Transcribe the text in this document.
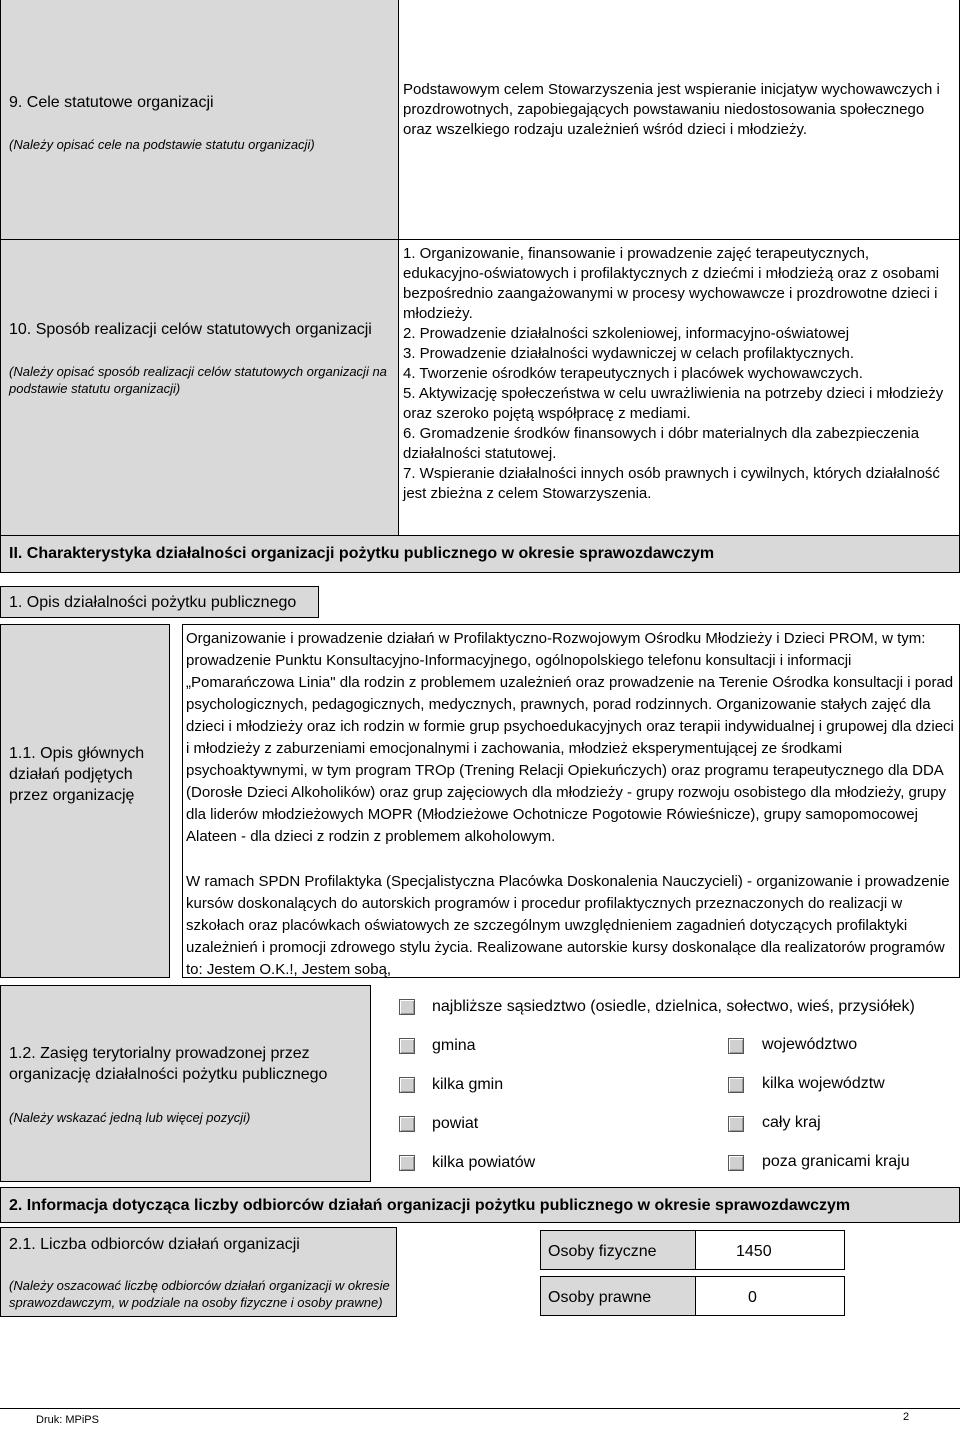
9. Cele statutowe organizacji
(Należy opisać cele na podstawie statutu organizacji)
Podstawowym celem Stowarzyszenia jest wspieranie inicjatyw wychowawczych i prozdrowotnych, zapobiegających powstawaniu niedostosowania społecznego oraz wszelkiego rodzaju uzależnień wśród dzieci i młodzieży.
10. Sposób realizacji celów statutowych organizacji
(Należy opisać sposób realizacji celów statutowych organizacji na podstawie statutu organizacji)
1. Organizowanie, finansowanie i prowadzenie zajęć terapeutycznych, edukacyjno-oświatowych i profilaktycznych z dziećmi i młodzieżą oraz z osobami bezpośrednio zaangażowanymi w procesy wychowawcze i prozdrowotne dzieci i młodzieży.
2. Prowadzenie działalności szkoleniowej, informacyjno-oświatowej
3. Prowadzenie działalności wydawniczej w celach profilaktycznych.
4. Tworzenie ośrodków terapeutycznych i placówek wychowawczych.
5. Aktywizację społeczeństwa w celu uwrażliwienia na potrzeby dzieci i młodzieży oraz szeroko pojętą współpracę z mediami.
6. Gromadzenie środków finansowych i dóbr materialnych dla zabezpieczenia działalności statutowej.
7. Wspieranie działalności innych osób prawnych i cywilnych, których działalność jest zbieżna z celem Stowarzyszenia.
II. Charakterystyka działalności organizacji pożytku publicznego w okresie sprawozdawczym
1. Opis działalności pożytku publicznego
1.1. Opis głównych działań podjętych przez organizację
Organizowanie i prowadzenie działań w Profilaktyczno-Rozwojowym Ośrodku Młodzieży i Dzieci PROM, w tym: prowadzenie Punktu Konsultacyjno-Informacyjnego, ogólnopolskiego telefonu konsultacji i informacji „Pomarańczowa Linia" dla rodzin z problemem uzależnień oraz prowadzenie na Terenie Ośrodka konsultacji i porad psychologicznych, pedagogicznych, medycznych, prawnych, porad rodzinnych. Organizowanie stałych zajęć dla dzieci i młodzieży oraz ich rodzin w formie grup psychoedukacyjnych oraz terapii indywidualnej i grupowej dla dzieci i młodzieży z zaburzeniami emocjonalnymi i zachowania, młodzież eksperymentującej ze środkami psychoaktywnymi, w tym program TROp (Trening Relacji Opiekuńczych) oraz programu terapeutycznego dla DDA (Dorosłe Dzieci Alkoholików) oraz grup zajęciowych dla młodzieży - grupy rozwoju osobistego dla młodzieży, grupy dla liderów młodzieżowych MOPR (Młodzieżowe Ochotnicze Pogotowie Rówieśnicze), grupy samopomocowej Alateen - dla dzieci z rodzin z problemem alkoholowym.
W ramach SPDN Profilaktyka (Specjalistyczna Placówka Doskonalenia Nauczycieli) - organizowanie i prowadzenie kursów doskonalących do autorskich programów i procedur profilaktycznych przeznaczonych do realizacji w szkołach oraz placówkach oświatowych ze szczególnym uwzględnieniem zagadnień dotyczących profilaktyki uzależnień i promocji zdrowego stylu życia. Realizowane autorskie kursy doskonalące dla realizatorów programów to: Jestem O.K.!, Jestem sobą,
1.2. Zasięg terytorialny prowadzonej przez organizację działalności pożytku publicznego
(Należy wskazać jedną lub więcej pozycji)
najbliższe sąsiedztwo (osiedle, dzielnica, sołectwo, wieś, przysiółek)
gmina	województwo
kilka gmin	kilka województw
powiat	cały kraj
kilka powiatów	poza granicami kraju
2. Informacja dotycząca liczby odbiorców działań organizacji pożytku publicznego w okresie sprawozdawczym
2.1. Liczba odbiorców działań organizacji
(Należy oszacować liczbę odbiorców działań organizacji w okresie sprawozdawczym, w podziale na osoby fizyczne i osoby prawne)
Osoby fizyczne	1450
Osoby prawne	0
Druk: MPiPS	2
